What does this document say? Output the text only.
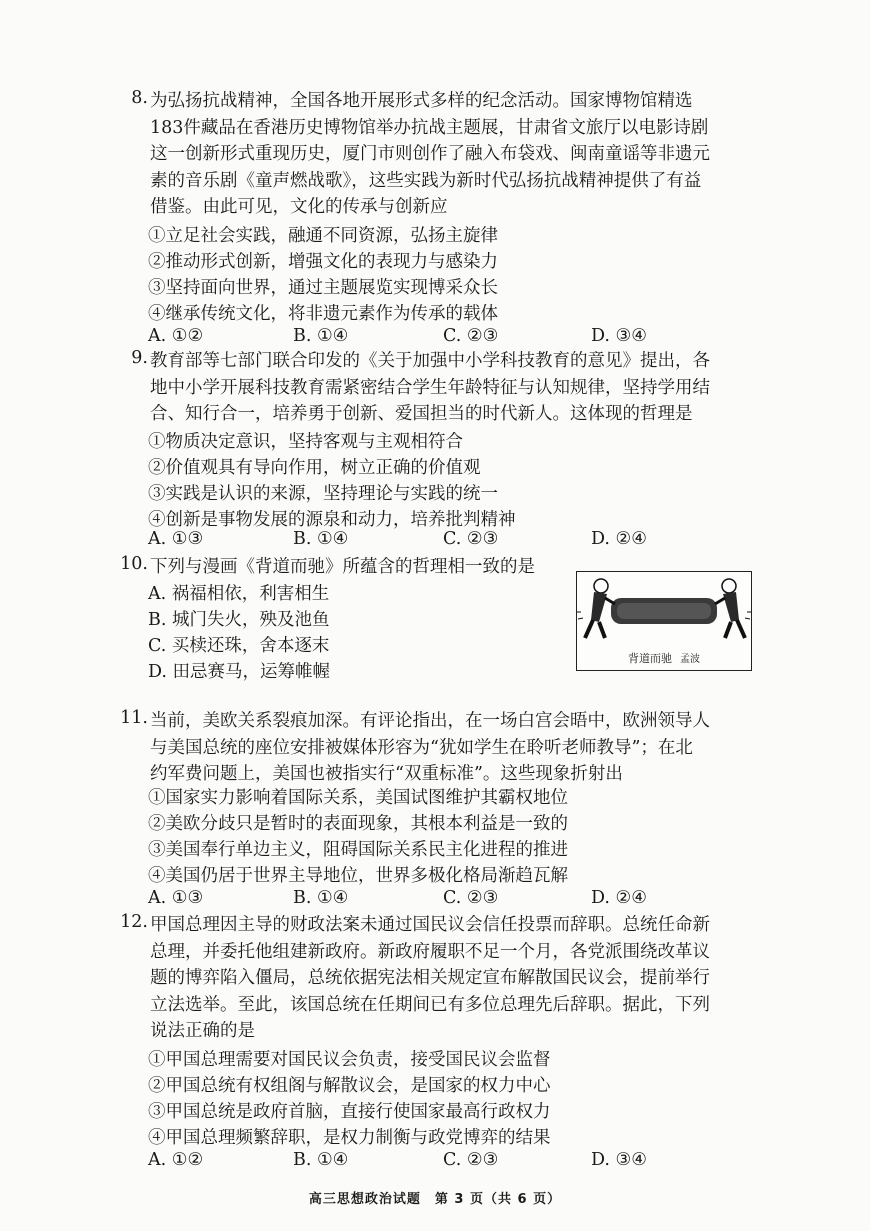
8. 为弘扬抗战精神，全国各地开展形式多样的纪念活动。国家博物馆精选
183件藏品在香港历史博物馆举办抗战主题展，甘肃省文旅厅以电影诗剧
这一创新形式重现历史，厦门市则创作了融入布袋戏、闽南童谣等非遗元
素的音乐剧《童声燃战歌》，这些实践为新时代弘扬抗战精神提供了有益
借鉴。由此可见，文化的传承与创新应
①立足社会实践，融通不同资源，弘扬主旋律
②推动形式创新，增强文化的表现力与感染力
③坚持面向世界，通过主题展览实现博采众长
④继承传统文化，将非遗元素作为传承的载体
A. ①②	B. ①④	C. ②③	D. ③④
9. 教育部等七部门联合印发的《关于加强中小学科技教育的意见》提出，各
地中小学开展科技教育需紧密结合学生年龄特征与认知规律，坚持学用结
合、知行合一，培养勇于创新、爱国担当的时代新人。这体现的哲理是
①物质决定意识，坚持客观与主观相符合
②价值观具有导向作用，树立正确的价值观
③实践是认识的来源，坚持理论与实践的统一
④创新是事物发展的源泉和动力，培养批判精神
A. ①③	B. ①④	C. ②③	D. ②④
10. 下列与漫画《背道而驰》所蕴含的哲理相一致的是
A. 祸福相依，利害相生
B. 城门失火，殃及池鱼
C. 买椟还珠，舍本逐末
D. 田忌赛马，运筹帷幄
背道而驰 孟波
11. 当前，美欧关系裂痕加深。有评论指出，在一场白宫会晤中，欧洲领导人
与美国总统的座位安排被媒体形容为“犹如学生在聆听老师教导”；在北
约军费问题上，美国也被指实行“双重标准”。这些现象折射出
①国家实力影响着国际关系，美国试图维护其霸权地位
②美欧分歧只是暂时的表面现象，其根本利益是一致的
③美国奉行单边主义，阻碍国际关系民主化进程的推进
④美国仍居于世界主导地位，世界多极化格局渐趋瓦解
A. ①③	B. ①④	C. ②③	D. ②④
12. 甲国总理因主导的财政法案未通过国民议会信任投票而辞职。总统任命新
总理，并委托他组建新政府。新政府履职不足一个月，各党派围绕改革议
题的博弈陷入僵局，总统依据宪法相关规定宣布解散国民议会，提前举行
立法选举。至此，该国总统在任期间已有多位总理先后辞职。据此，下列
说法正确的是
①甲国总理需要对国民议会负责，接受国民议会监督
②甲国总统有权组阁与解散议会，是国家的权力中心
③甲国总统是政府首脑，直接行使国家最高行政权力
④甲国总理频繁辞职，是权力制衡与政党博弈的结果
A. ①②	B. ①④	C. ②③	D. ③④
高三思想政治试题　第 3 页（共 6 页）
